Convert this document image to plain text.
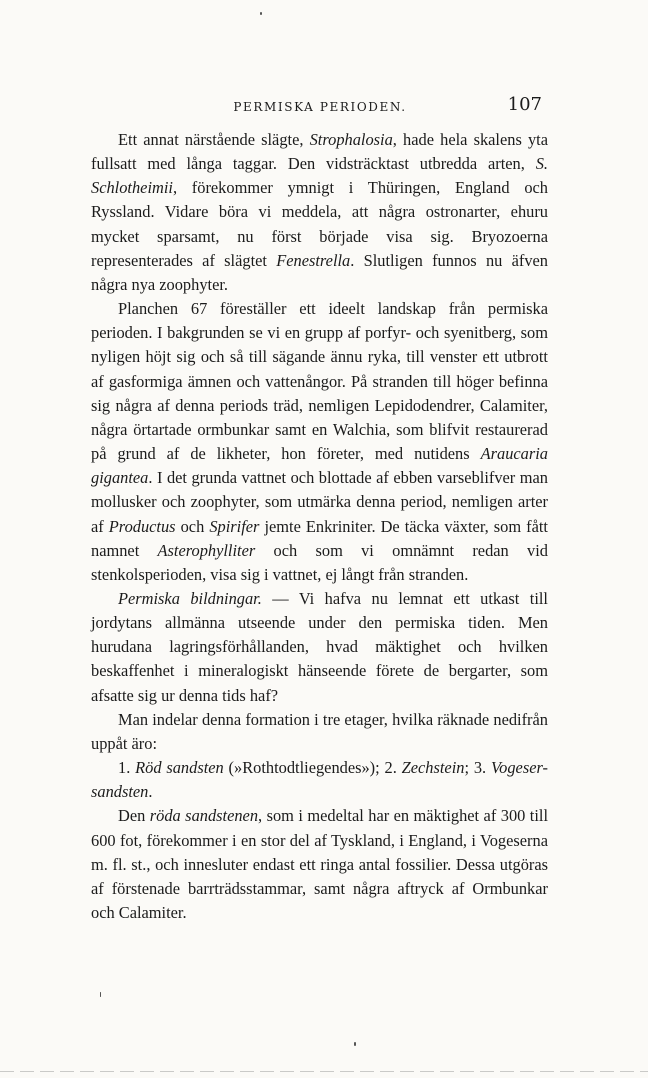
PERMISKA PERIODEN.	107

Ett annat närstående slägte, Strophalosia, hade hela skalens yta fullsatt med långa taggar. Den vidsträcktast utbredda arten, S. Schlotheimii, förekommer ymnigt i Thüringen, England och Ryssland. Vidare böra vi meddela, att några ostronarter, ehuru mycket sparsamt, nu först började visa sig. Bryozoerna representerades af slägtet Fenestrella. Slutligen funnos nu äfven några nya zoophyter.

Planchen 67 föreställer ett ideelt landskap från permiska perioden. I bakgrunden se vi en grupp af porfyr- och syenitberg, som nyligen höjt sig och så till sägande ännu ryka, till venster ett utbrott af gasformiga ämnen och vattenångor. På stranden till höger befinna sig några af denna periods träd, nemligen Lepidodendrer, Calamiter, några örtartade ormbunkar samt en Walchia, som blifvit restaurerad på grund af de likheter, hon företer, med nutidens Araucaria gigantea. I det grunda vattnet och blottade af ebben varseblifver man mollusker och zoophyter, som utmärka denna period, nemligen arter af Productus och Spirifer jemte Enkriniter. De täcka växter, som fått namnet Asterophylliter och som vi omnämnt redan vid stenkolsperioden, visa sig i vattnet, ej långt från stranden.

Permiska bildningar. — Vi hafva nu lemnat ett utkast till jordytans allmänna utseende under den permiska tiden. Men hurudana lagringsförhållanden, hvad mäktighet och hvilken beskaffenhet i mineralogiskt hänseende förete de bergarter, som afsatte sig ur denna tids haf?

Man indelar denna formation i tre etager, hvilka räknade nedifrån uppåt äro:

1. Röd sandsten (»Rothtodtliegendes»); 2. Zechstein; 3. Vogeser-sandsten.

Den röda sandstenen, som i medeltal har en mäktighet af 300 till 600 fot, förekommer i en stor del af Tyskland, i England, i Vogeserna m. fl. st., och innesluter endast ett ringa antal fossilier. Dessa utgöras af förstenade barrträdsstammar, samt några aftryck af Ormbunkar och Calamiter.
